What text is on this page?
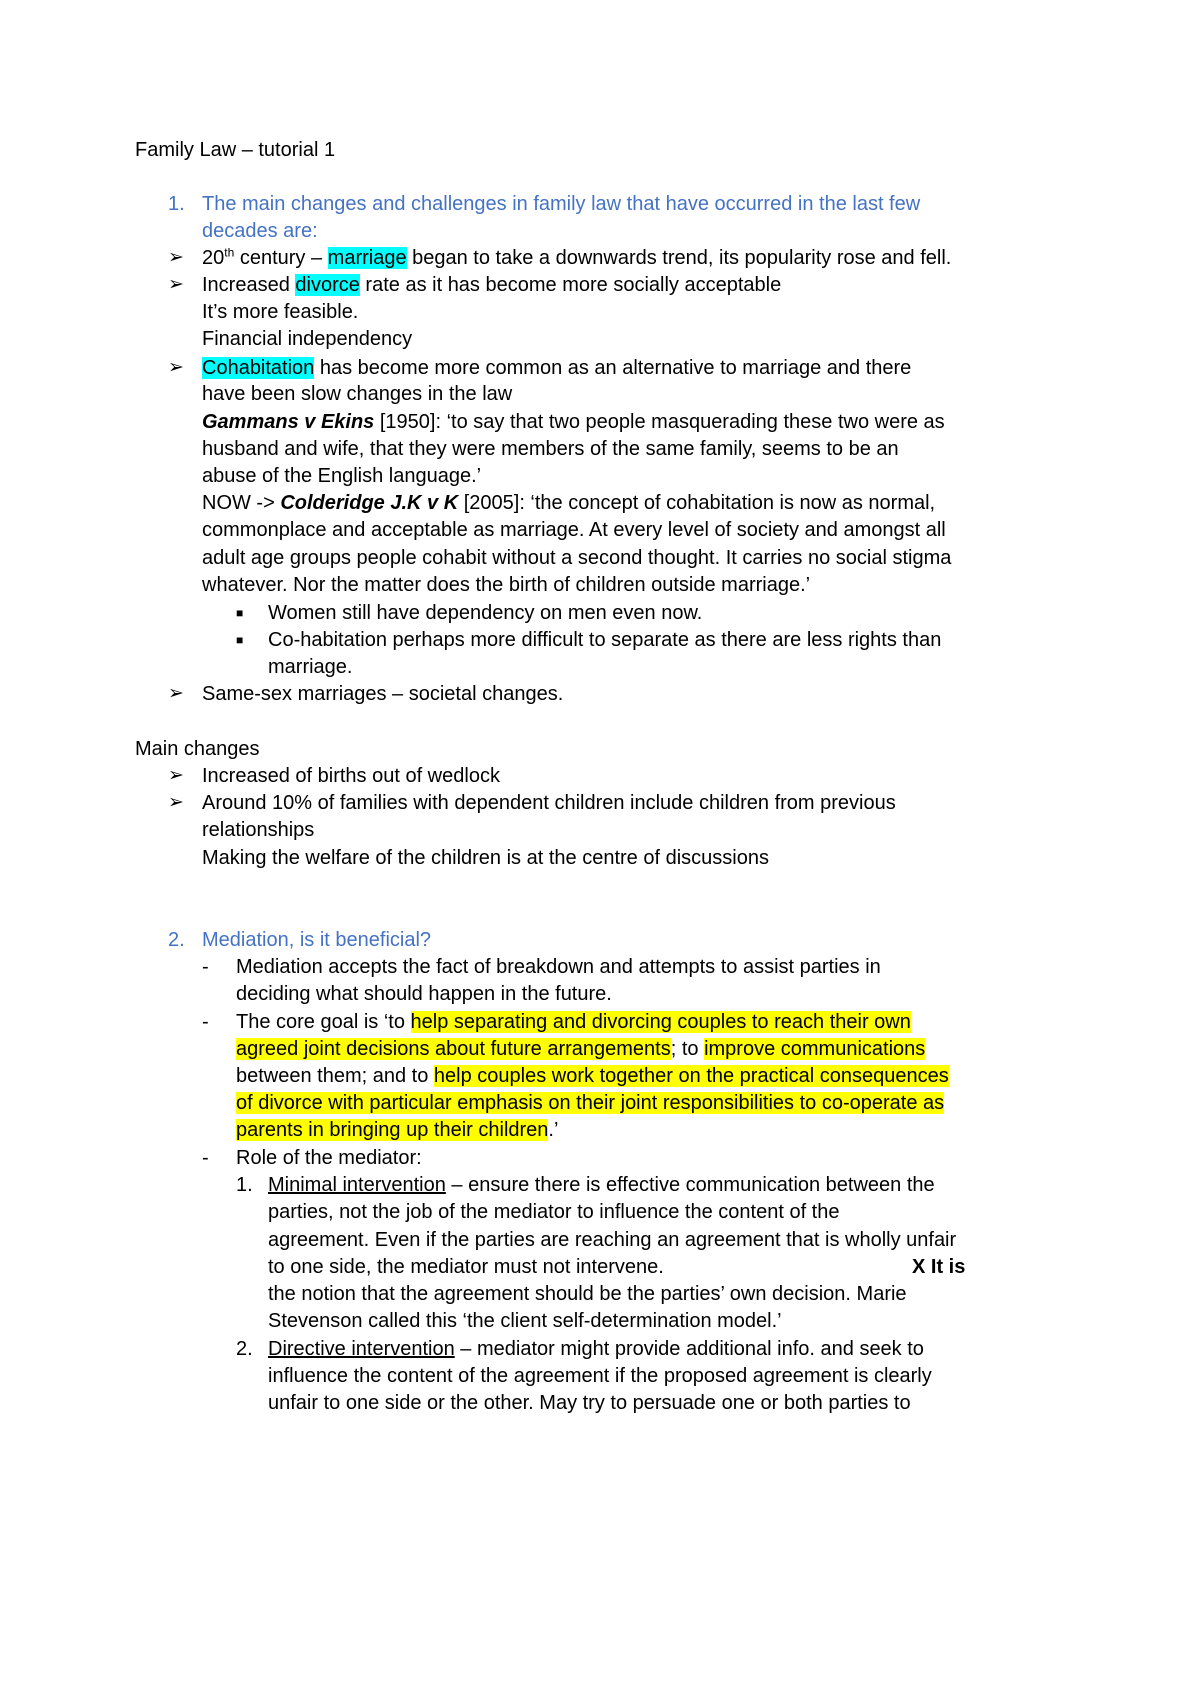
Family Law – tutorial 1
1. The main changes and challenges in family law that have occurred in the last few
decades are:
➢ 20th century – marriage began to take a downwards trend, its popularity rose and fell.
➢ Increased divorce rate as it has become more socially acceptable
It’s more feasible.
Financial independency
➢ Cohabitation has become more common as an alternative to marriage and there
have been slow changes in the law
Gammans v Ekins [1950]: ‘to say that two people masquerading these two were as
husband and wife, that they were members of the same family, seems to be an
abuse of the English language.’
NOW -> Colderidge J.K v K [2005]: ‘the concept of cohabitation is now as normal,
commonplace and acceptable as marriage. At every level of society and amongst all
adult age groups people cohabit without a second thought. It carries no social stigma
whatever. Nor the matter does the birth of children outside marriage.’
■ Women still have dependency on men even now.
■ Co-habitation perhaps more difficult to separate as there are less rights than
marriage.
➢ Same-sex marriages – societal changes.
Main changes
➢ Increased of births out of wedlock
➢ Around 10% of families with dependent children include children from previous
relationships
Making the welfare of the children is at the centre of discussions
2. Mediation, is it beneficial?
- Mediation accepts the fact of breakdown and attempts to assist parties in
deciding what should happen in the future.
- The core goal is ‘to help separating and divorcing couples to reach their own
agreed joint decisions about future arrangements; to improve communications
between them; and to help couples work together on the practical consequences
of divorce with particular emphasis on their joint responsibilities to co-operate as
parents in bringing up their children.’
- Role of the mediator:
1. Minimal intervention – ensure there is effective communication between the
parties, not the job of the mediator to influence the content of the
agreement. Even if the parties are reaching an agreement that is wholly unfair
to one side, the mediator must not intervene.	X It is
the notion that the agreement should be the parties’ own decision. Marie
Stevenson called this ‘the client self-determination model.’
2. Directive intervention – mediator might provide additional info. and seek to
influence the content of the agreement if the proposed agreement is clearly
unfair to one side or the other. May try to persuade one or both parties to
